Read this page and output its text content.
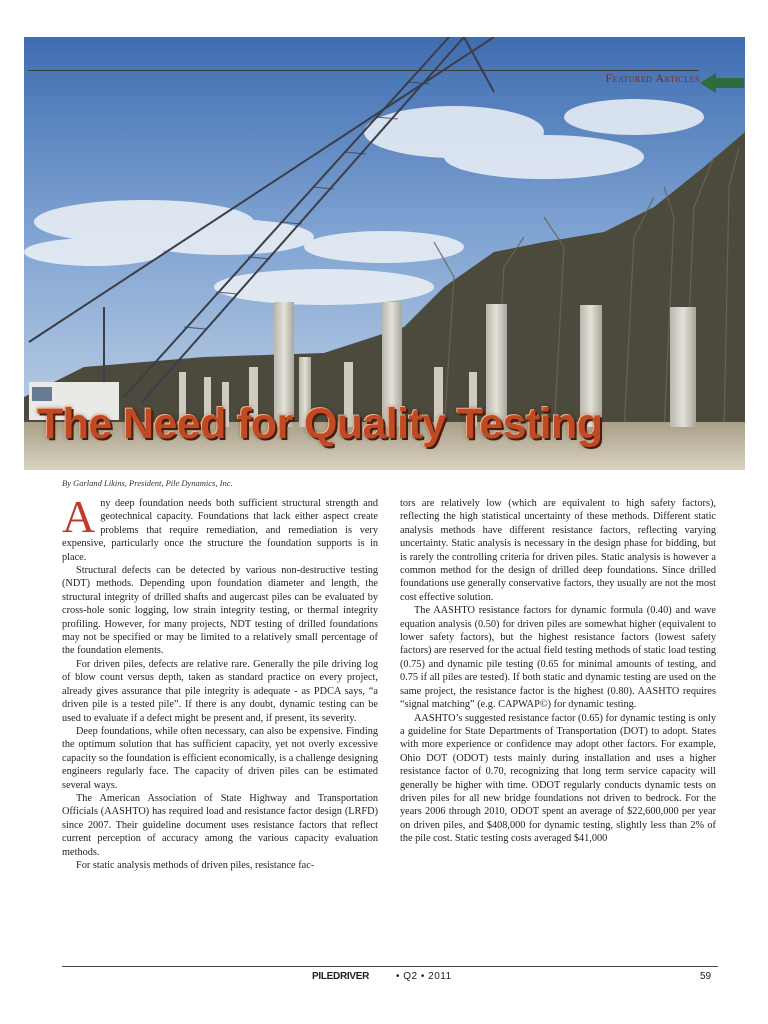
Featured Articles
The Need for Quality Testing
By Garland Likins, President, Pile Dynamics, Inc.

Any deep foundation needs both sufficient structural strength and geotechnical capacity. Foundations that lack either aspect create problems that require remediation, and remediation is very expensive, particularly once the structure the foundation supports is in place.

Structural defects can be detected by various non-destructive testing (NDT) methods. Depending upon foundation diameter and length, the structural integrity of drilled shafts and augercast piles can be evaluated by cross-hole sonic logging, low strain integrity testing, or thermal integrity profiling. However, for many projects, NDT testing of drilled foundations may not be specified or may be limited to a relatively small percentage of the foundation elements.

For driven piles, defects are relative rare. Generally the pile driving log of blow count versus depth, taken as standard practice on every project, already gives assurance that pile integrity is adequate - as PDCA says, “a driven pile is a tested pile”. If there is any doubt, dynamic testing can be used to evaluate if a defect might be present and, if present, its severity.

Deep foundations, while often necessary, can also be expensive. Finding the optimum solution that has sufficient capacity, yet not overly excessive capacity so the foundation is efficient economically, is a challenge designing engineers regularly face. The capacity of driven piles can be estimated several ways.

The American Association of State Highway and Transportation Officials (AASHTO) has required load and resistance factor design (LRFD) since 2007. Their guideline document uses resistance factors that reflect current perception of accuracy among the various capacity evaluation methods.

For static analysis methods of driven piles, resistance fac-

tors are relatively low (which are equivalent to high safety factors), reflecting the high statistical uncertainty of these methods. Different static analysis methods have different resistance factors, reflecting varying uncertainty. Static analysis is necessary in the design phase for bidding, but is rarely the controlling criteria for driven piles. Static analysis is however a common method for the design of drilled deep foundations. Since drilled foundations use generally conservative factors, they usually are not the most cost effective solution.

The AASHTO resistance factors for dynamic formula (0.40) and wave equation analysis (0.50) for driven piles are somewhat higher (equivalent to lower safety factors), but the highest resistance factors (lowest safety factors) are reserved for the actual field testing methods of static load testing (0.75) and dynamic pile testing (0.65 for minimal amounts of testing, and 0.75 if all piles are tested). If both static and dynamic testing are used on the same project, the resistance factor is the highest (0.80). AASHTO requires “signal matching” (e.g. CAPWAP©) for dynamic testing.

AASHTO’s suggested resistance factor (0.65) for dynamic testing is only a guideline for State Departments of Transportation (DOT) to adopt. States with more experience or confidence may adopt other factors. For example, Ohio DOT (ODOT) tests mainly during installation and uses a higher resistance factor of 0.70, recognizing that long term service capacity will generally be higher with time. ODOT regularly conducts dynamic tests on driven piles for all new bridge foundations not driven to bedrock. For the years 2006 through 2010, ODOT spent an average of $22,600,000 per year on driven piles, and $408,000 for dynamic testing, slightly less than 2% of the pile cost. Static testing costs averaged $41,000

PILEDRIVER	• Q2 • 2011	59
